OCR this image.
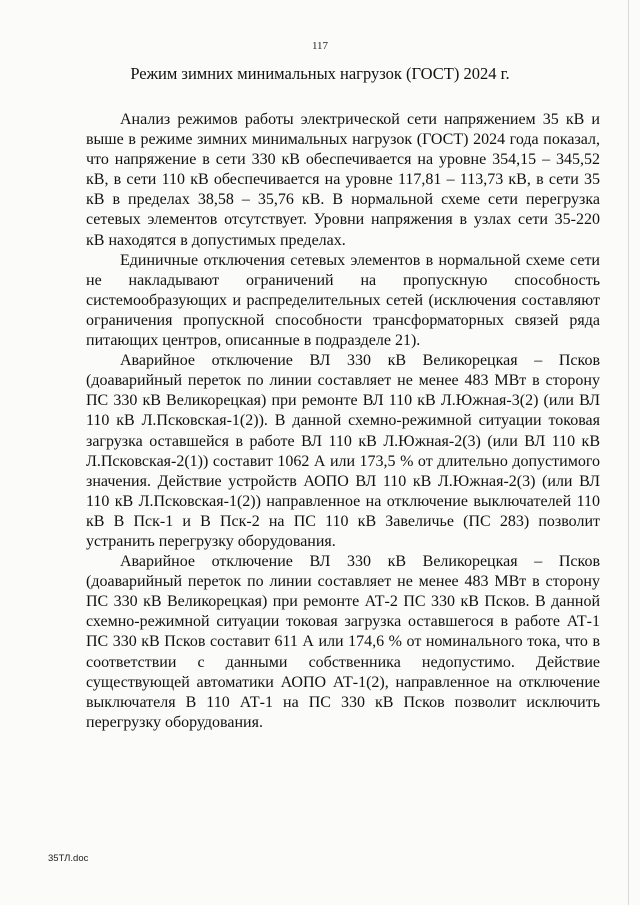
117
Режим зимних минимальных нагрузок (ГОСТ) 2024 г.

Анализ режимов работы электрической сети напряжением 35 кВ и выше в режиме зимних минимальных нагрузок (ГОСТ) 2024 года показал, что напряжение в сети 330 кВ обеспечивается на уровне 354,15 – 345,52 кВ, в сети 110 кВ обеспечивается на уровне 117,81 – 113,73 кВ, в сети 35 кВ в пределах 38,58 – 35,76 кВ. В нормальной схеме сети перегрузка сетевых элементов отсутствует. Уровни напряжения в узлах сети 35-220 кВ находятся в допустимых пределах.

Единичные отключения сетевых элементов в нормальной схеме сети не накладывают ограничений на пропускную способность системообразующих и распределительных сетей (исключения составляют ограничения пропускной способности трансформаторных связей ряда питающих центров, описанные в подразделе 21).

Аварийное отключение ВЛ 330 кВ Великорецкая – Псков (доаварийный переток по линии составляет не менее 483 МВт в сторону ПС 330 кВ Великорецкая) при ремонте ВЛ 110 кВ Л.Южная-3(2) (или ВЛ 110 кВ Л.Псковская-1(2)). В данной схемно-режимной ситуации токовая загрузка оставшейся в работе ВЛ 110 кВ Л.Южная-2(3) (или ВЛ 110 кВ Л.Псковская-2(1)) составит 1062 А или 173,5 % от длительно допустимого значения. Действие устройств АОПО ВЛ 110 кВ Л.Южная-2(3) (или ВЛ 110 кВ Л.Псковская-1(2)) направленное на отключение выключателей 110 кВ В Пск-1 и В Пск-2 на ПС 110 кВ Завеличье (ПС 283) позволит устранить перегрузку оборудования.

Аварийное отключение ВЛ 330 кВ Великорецкая – Псков (доаварийный переток по линии составляет не менее 483 МВт в сторону ПС 330 кВ Великорецкая) при ремонте АТ-2 ПС 330 кВ Псков. В данной схемно-режимной ситуации токовая загрузка оставшегося в работе АТ-1 ПС 330 кВ Псков составит 611 А или 174,6 % от номинального тока, что в соответствии с данными собственника недопустимо. Действие существующей автоматики АОПО АТ-1(2), направленное на отключение выключателя В 110 АТ-1 на ПС 330 кВ Псков позволит исключить перегрузку оборудования.

35ТЛ.doc
